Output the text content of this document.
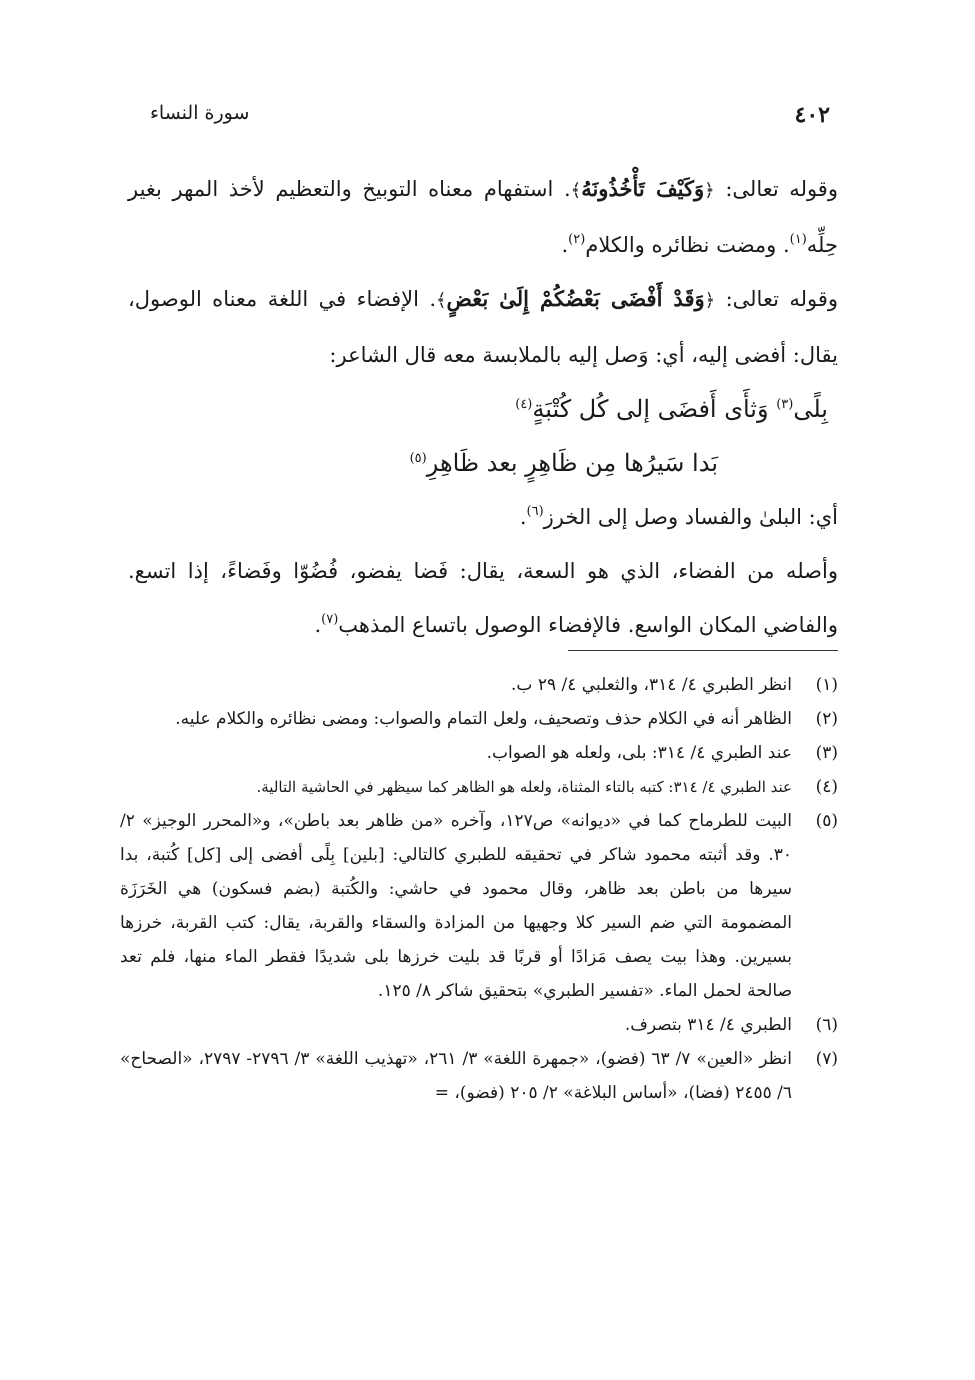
٤٠٢
سورة النساء

وقوله تعالى: ﴿وَكَيْفَ تَأْخُذُونَهُ﴾. استفهام معناه التوبيخ والتعظيم لأخذ المهر بغير حِلِّه$^{(١)}$. ومضت نظائره والكلام$^{(٢)}$.

وقوله تعالى: ﴿وَقَدْ أَفْضَى بَعْضُكُمْ إِلَىٰ بَعْضٍ﴾. الإفضاء في اللغة معناه الوصول، يقال: أفضى إليه، أي: وَصل إليه بالملابسة معه قال الشاعر:

بِلًى$^{(٣)}$ وَثأَى أَفضَى إلى كُل كُتْبَةٍ$^{(٤)}$

بَدا سَيرُها مِن ظَاهِرٍ بعد ظَاهِرِ$^{(٥)}$

أي: البلىٰ والفساد وصل إلى الخرز$^{(٦)}$.

وأصله من الفضاء، الذي هو السعة، يقال: فَضا يفضو، فُضُوّا وفَضاءً، إذا اتسع. والفاضي المكان الواسع. فالإفضاء الوصول باتساع المذهب$^{(٧)}$.

(١)
انظر الطبري ٤/ ٣١٤، والثعلبي ٤/ ٢٩ ب.
(٢)
الظاهر أنه في الكلام حذف وتصحيف، ولعل التمام والصواب: ومضى نظائره والكلام عليه.
(٣)
عند الطبري ٤/ ٣١٤: بلى، ولعله هو الصواب.
(٤)
عند الطبري ٤/ ٣١٤: كتبه بالتاء المثناة، ولعله هو الظاهر كما سيظهر في الحاشية التالية.
(٥)
البيت للطرماح كما في «ديوانه» ص١٢٧، وآخره «من ظاهر بعد باطن»، و«المحرر الوجيز» ٢/ ٣٠. وقد أثبته محمود شاكر في تحقيقه للطبري كالتالي: [بلين] بِلًى أفضى إلى [كل] كُتبة، بدا سيرها من باطن بعد ظاهر، وقال محمود في حاشي: والكُتبة (بضم فسكون) هي الخَرَزَة المضمومة التي ضم السير كلا وجهيها من المزادة والسقاء والقربة، يقال: كتب القربة، خرزها بسيرين. وهذا بيت يصف مَزادًا أو قربًا قد بليت خرزها بلى شديدًا فقطر الماء منها، فلم تعد صالحة لحمل الماء. «تفسير الطبري» بتحقيق شاكر ٨/ ١٢٥.
(٦)
الطبري ٤/ ٣١٤ بتصرف.
(٧)
انظر «العين» ٧/ ٦٣ (فضو)، «جمهرة اللغة» ٣/ ٢٦١، «تهذيب اللغة» ٣/ ٢٧٩٦- ٢٧٩٧، «الصحاح» ٦/ ٢٤٥٥ (فضا)، «أساس البلاغة» ٢/ ٢٠٥ (فضو)، =
